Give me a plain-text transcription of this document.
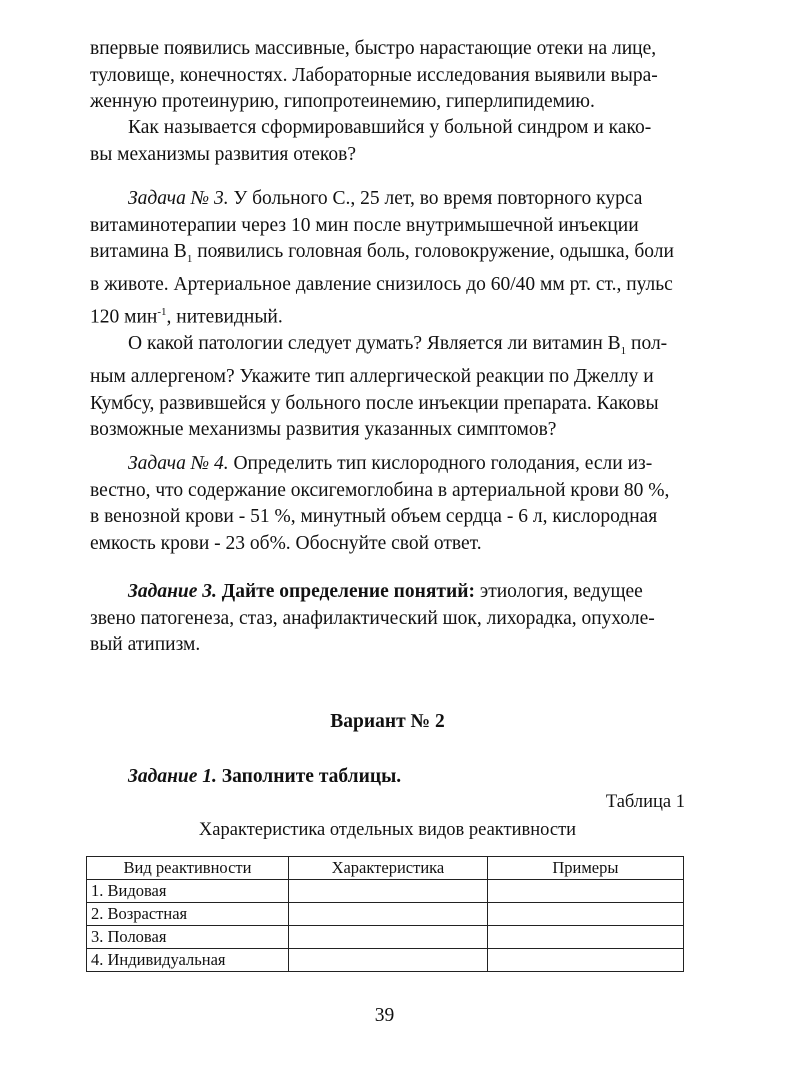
впервые появились массивные, быстро нарастающие отеки на лице,

туловище, конечностях. Лабораторные исследования выявили выра-

женную протеинурию, гипопротеинемию, гиперлипидемию.

Как называется сформировавшийся у больной синдром и како-

вы механизмы развития отеков?

Задача № 3. У больного С., 25 лет, во время повторного курса

витаминотерапии через 10 мин после внутримышечной инъекции

витамина $В_1$ появились головная боль, головокружение, одышка, боли

в животе. Артериальное давление снизилось до 60/40 мм рт. ст., пульс

120 мин$^{-1}$, нитевидный.

О какой патологии следует думать? Является ли витамин $В_1$ пол-

ным аллергеном? Укажите тип аллергической реакции по Джеллу и

Кумбсу, развившейся у больного после инъекции препарата. Каковы

возможные механизмы развития указанных симптомов?

Задача № 4. Определить тип кислородного голодания, если из-

вестно, что содержание оксигемоглобина в артериальной крови 80 %,

в венозной крови - 51 %, минутный объем сердца - 6 л, кислородная

емкость крови - 23 об%. Обоснуйте свой ответ.

Задание 3. Дайте определение понятий: этиология, ведущее

звено патогенеза, стаз, анафилактический шок, лихорадка, опухоле-

вый атипизм.

Вариант № 2

Задание 1. Заполните таблицы.

Таблица 1
Характеристика отдельных видов реактивности
Вид реактивности	Характеристика	Примеры
1. Видовая		
2. Возрастная		
3. Половая		
4. Индивидуальная		
39
